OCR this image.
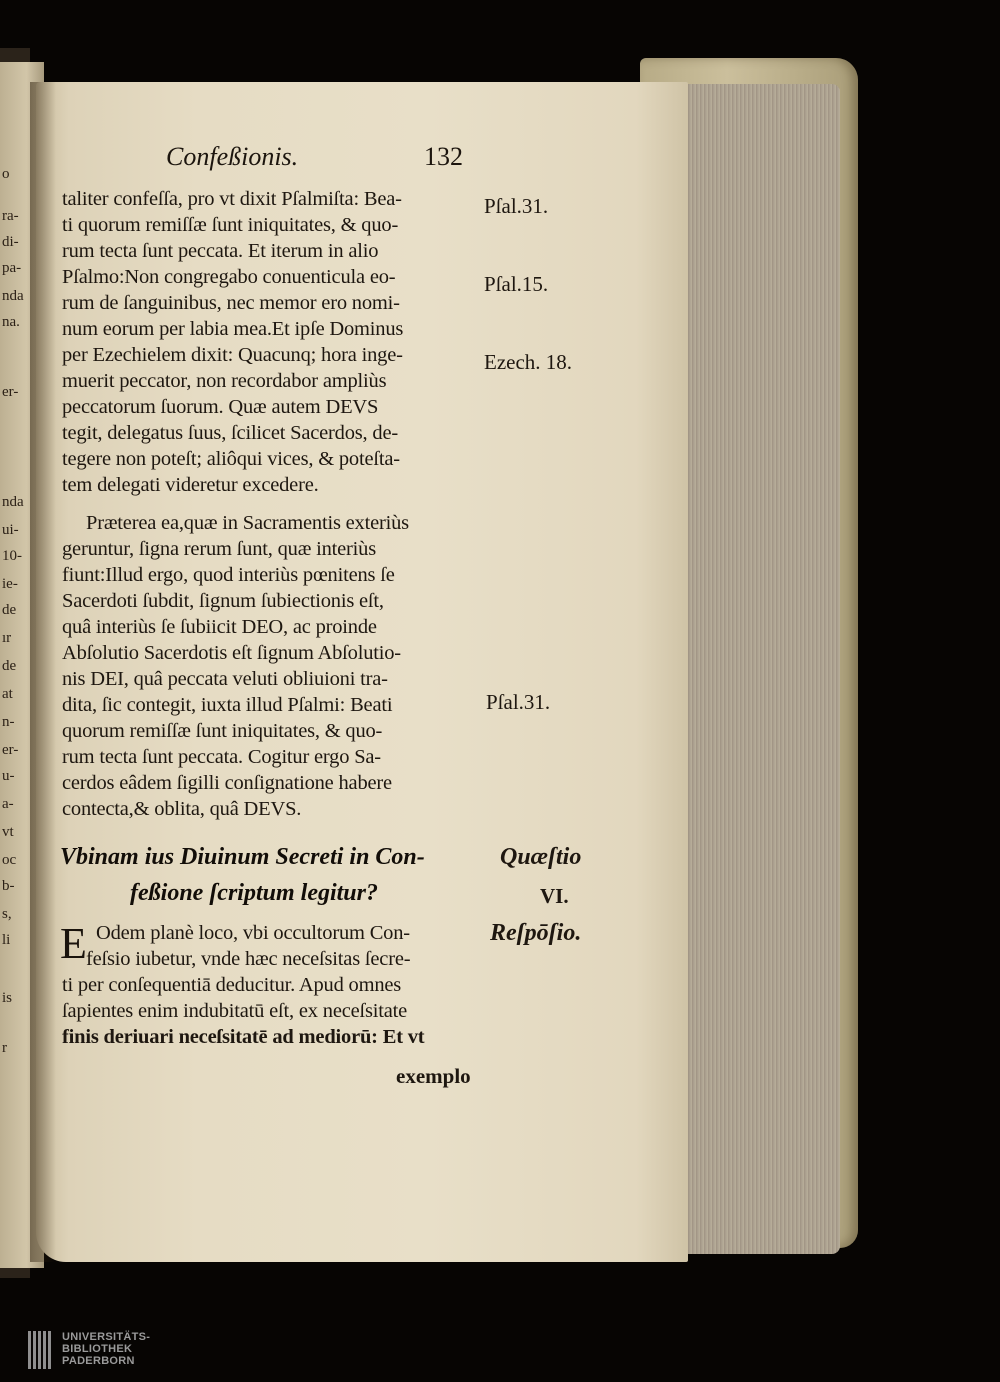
o
ra-
di-
pa-
nda
na.
er-
nda
ui-
10-
ie-
de
ır
de
at
n-
er-
u-
a-
vt
oc
b-
s,
li
is
r
Confeßionis.	132
taliter confeſſa, pro vt dixit Pſalmiſta: Bea-
ti quorum remiſſæ ſunt iniquitates, & quo-
rum tecta ſunt peccata. Et iterum in alio
Pſalmo:Non congregabo conuenticula eo-
rum de ſanguinibus, nec memor ero nomi-
num eorum per labia mea.Et ipſe Dominus
per Ezechielem dixit: Quacunq; hora inge-
muerit peccator, non recordabor ampliùs
peccatorum ſuorum. Quæ autem DEVS
tegit, delegatus ſuus, ſcilicet Sacerdos, de-
tegere non poteſt; aliôqui vices, & poteſta-
tem delegati videretur excedere.
Præterea ea,quæ in Sacramentis exteriùs
geruntur, ſigna rerum ſunt, quæ interiùs
fiunt:Illud ergo, quod interiùs pœnitens ſe
Sacerdoti ſubdit, ſignum ſubiectionis eſt,
quâ interiùs ſe ſubiicit DEO, ac proinde
Abſolutio Sacerdotis eſt ſignum Abſolutio-
nis DEI, quâ peccata veluti obliuioni tra-
dita, ſic contegit, iuxta illud Pſalmi: Beati
quorum remiſſæ ſunt iniquitates, & quo-
rum tecta ſunt peccata. Cogitur ergo Sa-
cerdos eâdem ſigilli conſignatione habere
contecta,& oblita, quâ DEVS.
Vbinam ius Diuinum Secreti in Con-
feßione ſcriptum legitur?
E Odem planè loco, vbi occultorum Con-
feſsio iubetur, vnde hæc neceſsitas ſecre-
ti per conſequentiā deducitur. Apud omnes
ſapientes enim indubitatū eſt, ex neceſsitate
finis deriuari neceſsitatē ad mediorū: Et vt
exemplo
Pſal.31.
Pſal.15.
Ezech. 18.
Pſal.31.
Quæſtio
VI.
Reſpōſio.
UNIVERSITÄTS-
BIBLIOTHEK
PADERBORN
